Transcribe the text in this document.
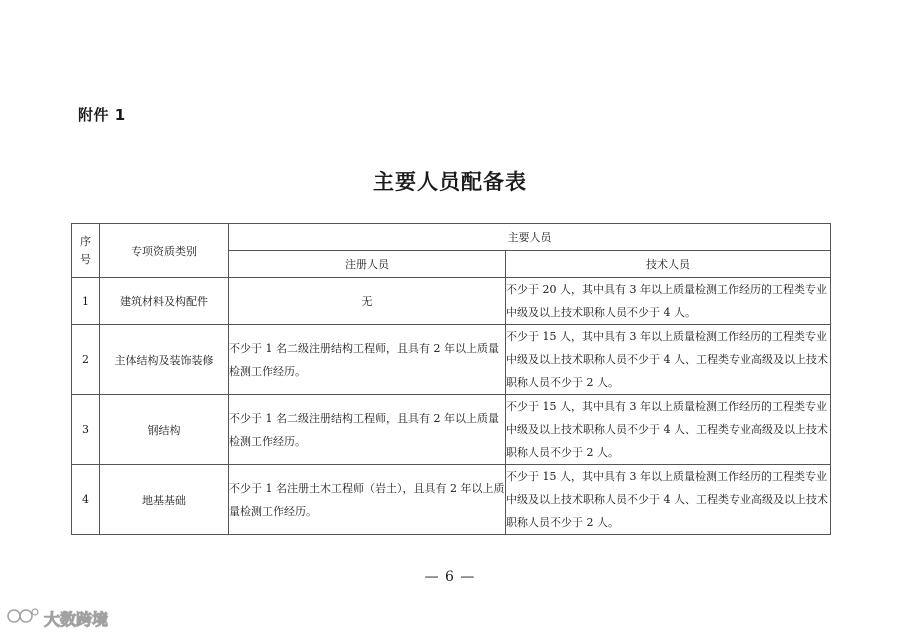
附件 1
主要人员配备表
序号	专项资质类别	主要人员	
		注册人员	技术人员
1	建筑材料及构配件	无	不少于 20 人，其中具有 3 年以上质量检测工作经历的工程类专业中级及以上技术职称人员不少于 4 人。
2	主体结构及装饰装修	不少于 1 名二级注册结构工程师，且具有 2 年以上质量检测工作经历。	不少于 15 人，其中具有 3 年以上质量检测工作经历的工程类专业中级及以上技术职称人员不少于 4 人、工程类专业高级及以上技术职称人员不少于 2 人。
3	钢结构	不少于 1 名二级注册结构工程师，且具有 2 年以上质量检测工作经历。	不少于 15 人，其中具有 3 年以上质量检测工作经历的工程类专业中级及以上技术职称人员不少于 4 人、工程类专业高级及以上技术职称人员不少于 2 人。
4	地基基础	不少于 1 名注册土木工程师（岩土），且具有 2 年以上质量检测工作经历。	不少于 15 人，其中具有 3 年以上质量检测工作经历的工程类专业中级及以上技术职称人员不少于 4 人、工程类专业高级及以上技术职称人员不少于 2 人。
— 6 —
大数跨境
